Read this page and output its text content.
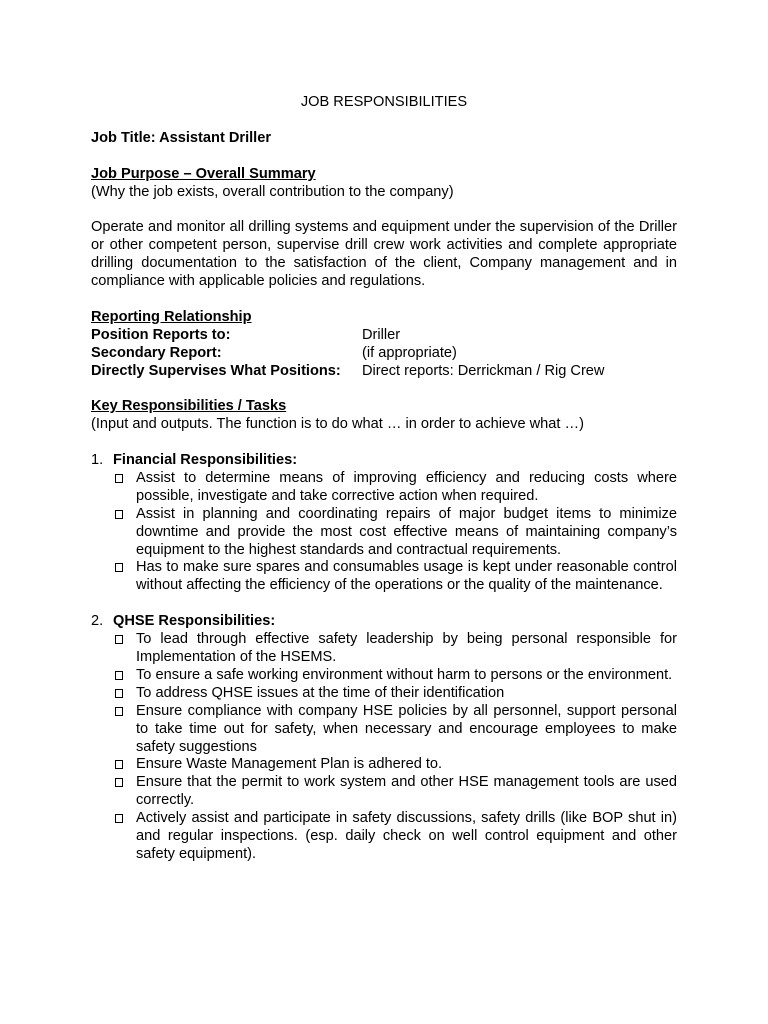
JOB RESPONSIBILITIES
Job Title: Assistant Driller
Job Purpose – Overall Summary
(Why the job exists, overall contribution to the company)
Operate and monitor all drilling systems and equipment under the supervision of the Driller or other competent person, supervise drill crew work activities and complete appropriate drilling documentation to the satisfaction of the client, Company management and in compliance with applicable policies and regulations.
Reporting Relationship
Position Reports to:	Driller
Secondary Report:	(if appropriate)
Directly Supervises What Positions:	Direct reports: Derrickman / Rig Crew
Key Responsibilities / Tasks
(Input and outputs. The function is to do what … in order to achieve what …)
1. Financial Responsibilities:
Assist to determine means of improving efficiency and reducing costs where possible, investigate and take corrective action when required.
Assist in planning and coordinating repairs of major budget items to minimize downtime and provide the most cost effective means of maintaining company’s equipment to the highest standards and contractual requirements.
Has to make sure spares and consumables usage is kept under reasonable control without affecting the efficiency of the operations or the quality of the maintenance.
2. QHSE Responsibilities:
To lead through effective safety leadership by being personal responsible for Implementation of the HSEMS.
To ensure a safe working environment without harm to persons or the environment.
To address QHSE issues at the time of their identification
Ensure compliance with company HSE policies by all personnel, support personal to take time out for safety, when necessary and encourage employees to make safety suggestions
Ensure Waste Management Plan is adhered to.
Ensure that the permit to work system and other HSE management tools are used correctly.
Actively assist and participate in safety discussions, safety drills (like BOP shut in) and regular inspections. (esp. daily check on well control equipment and other safety equipment).
